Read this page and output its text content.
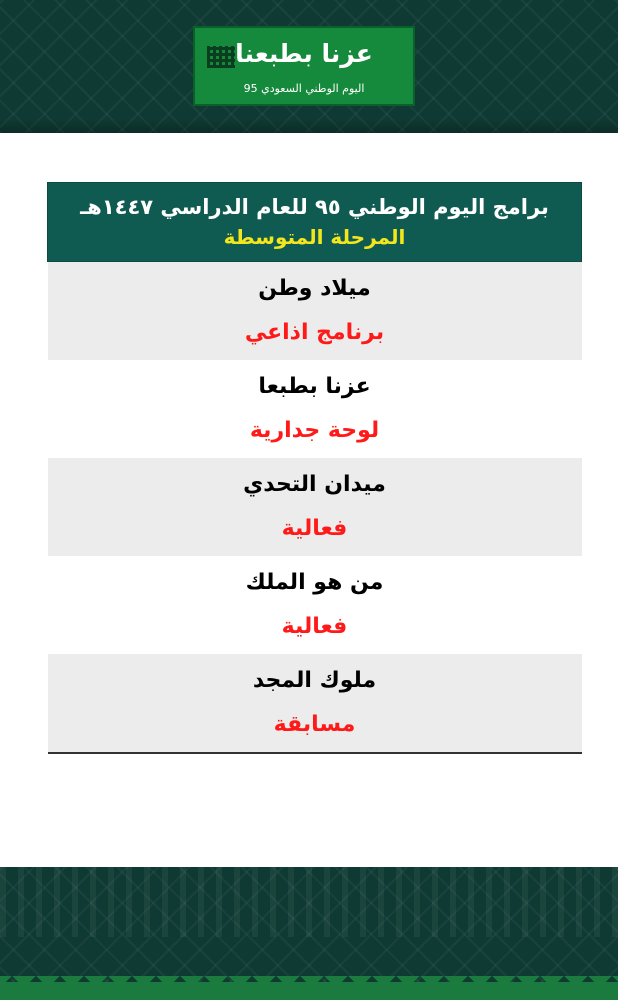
عزنا بطبعنا
اليوم الوطني السعودي 95
برامج اليوم الوطني ٩٥ للعام الدراسي ١٤٤٧هـ
المرحلة المتوسطة

ميلاد وطن
برنامج اذاعي

عزنا بطبعا
لوحة جدارية

ميدان التحدي
فعالية

من هو الملك
فعالية

ملوك المجد
مسابقة
